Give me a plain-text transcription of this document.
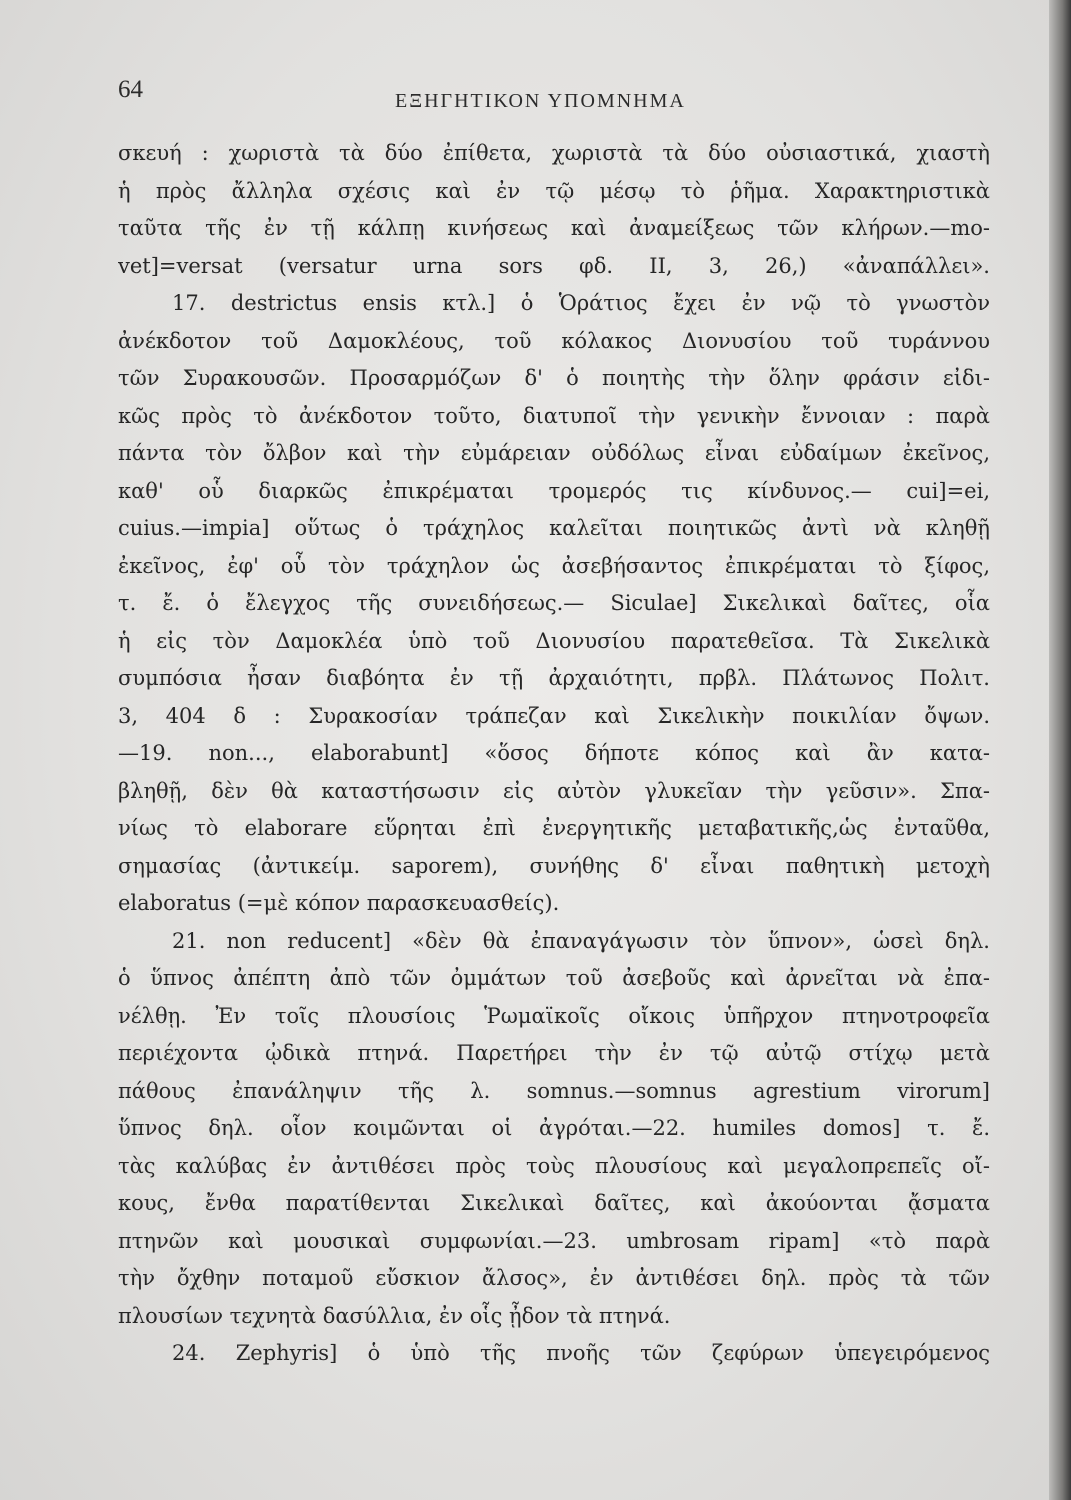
64	ΕΞΗΓΗΤΙΚΟΝ ΥΠΟΜΝΗΜΑ
σκευή : χωριστὰ τὰ δύο ἐπίθετα, χωριστὰ τὰ δύο οὐσιαστικά, χιαστὴ
ἡ πρὸς ἄλληλα σχέσις καὶ ἐν τῷ μέσῳ τὸ ῥῆμα. Χαρακτηριστικὰ
ταῦτα τῆς ἐν τῇ κάλπῃ κινήσεως καὶ ἀναμείξεως τῶν κλήρων.—mo-
vet]=versat (versatur urna sors φδ. II, 3, 26,) «ἀναπάλλει».
17. destrictus ensis κτλ.] ὁ Ὁράτιος ἔχει ἐν νῷ τὸ γνωστὸν
ἀνέκδοτον τοῦ Δαμοκλέους, τοῦ κόλακος Διονυσίου τοῦ τυράννου
τῶν Συρακουσῶν. Προσαρμόζων δ' ὁ ποιητὴς τὴν ὅλην φράσιν εἰδι-
κῶς πρὸς τὸ ἀνέκδοτον τοῦτο, διατυποῖ τὴν γενικὴν ἔννοιαν : παρὰ
πάντα τὸν ὄλβον καὶ τὴν εὐμάρειαν οὐδόλως εἶναι εὐδαίμων ἐκεῖνος,
καθ' οὗ διαρκῶς ἐπικρέμαται τρομερός τις κίνδυνος.— cui]=ei,
cuius.—impia] οὕτως ὁ τράχηλος καλεῖται ποιητικῶς ἀντὶ νὰ κληθῇ
ἐκεῖνος, ἐφ' οὗ τὸν τράχηλον ὡς ἀσεβήσαντος ἐπικρέμαται τὸ ξίφος,
τ. ἔ. ὁ ἔλεγχος τῆς συνειδήσεως.— Siculae] Σικελικαὶ δαῖτες, οἷα
ἡ εἰς τὸν Δαμοκλέα ὑπὸ τοῦ Διονυσίου παρατεθεῖσα. Τὰ Σικελικὰ
συμπόσια ἦσαν διαβόητα ἐν τῇ ἀρχαιότητι, πρβλ. Πλάτωνος Πολιτ.
3, 404 δ : Συρακοσίαν τράπεζαν καὶ Σικελικὴν ποικιλίαν ὄψων.
—19. non..., elaborabunt] «ὅσος δήποτε κόπος καὶ ἂν κατα-
βληθῇ, δὲν θὰ καταστήσωσιν εἰς αὐτὸν γλυκεῖαν τὴν γεῦσιν». Σπα-
νίως τὸ elaborare εὕρηται ἐπὶ ἐνεργητικῆς μεταβατικῆς,ὡς ἐνταῦθα,
σημασίας (ἀντικείμ. saporem), συνήθης δ' εἶναι παθητικὴ μετοχὴ
elaboratus (=μὲ κόπον παρασκευασθείς).
21. non reducent] «δὲν θὰ ἐπαναγάγωσιν τὸν ὕπνον», ὡσεὶ δηλ.
ὁ ὕπνος ἀπέπτη ἀπὸ τῶν ὀμμάτων τοῦ ἀσεβοῦς καὶ ἀρνεῖται νὰ ἐπα-
νέλθῃ. Ἐν τοῖς πλουσίοις Ῥωμαϊκοῖς οἴκοις ὑπῆρχον πτηνοτροφεῖα
περιέχοντα ᾠδικὰ πτηνά. Παρετήρει τὴν ἐν τῷ αὐτῷ στίχῳ μετὰ
πάθους ἐπανάληψιν τῆς λ. somnus.—somnus agrestium virorum]
ὕπνος δηλ. οἷον κοιμῶνται οἱ ἀγρόται.—22. humiles domos] τ. ἔ.
τὰς καλύβας ἐν ἀντιθέσει πρὸς τοὺς πλουσίους καὶ μεγαλοπρεπεῖς οἴ-
κους, ἔνθα παρατίθενται Σικελικαὶ δαῖτες, καὶ ἀκούονται ᾄσματα
πτηνῶν καὶ μουσικαὶ συμφωνίαι.—23. umbrosam ripam] «τὸ παρὰ
τὴν ὄχθην ποταμοῦ εὔσκιον ἄλσος», ἐν ἀντιθέσει δηλ. πρὸς τὰ τῶν
πλουσίων τεχνητὰ δασύλλια, ἐν οἷς ᾖδον τὰ πτηνά.
24. Zephyris] ὁ ὑπὸ τῆς πνοῆς τῶν ζεφύρων ὑπεγειρόμενος
